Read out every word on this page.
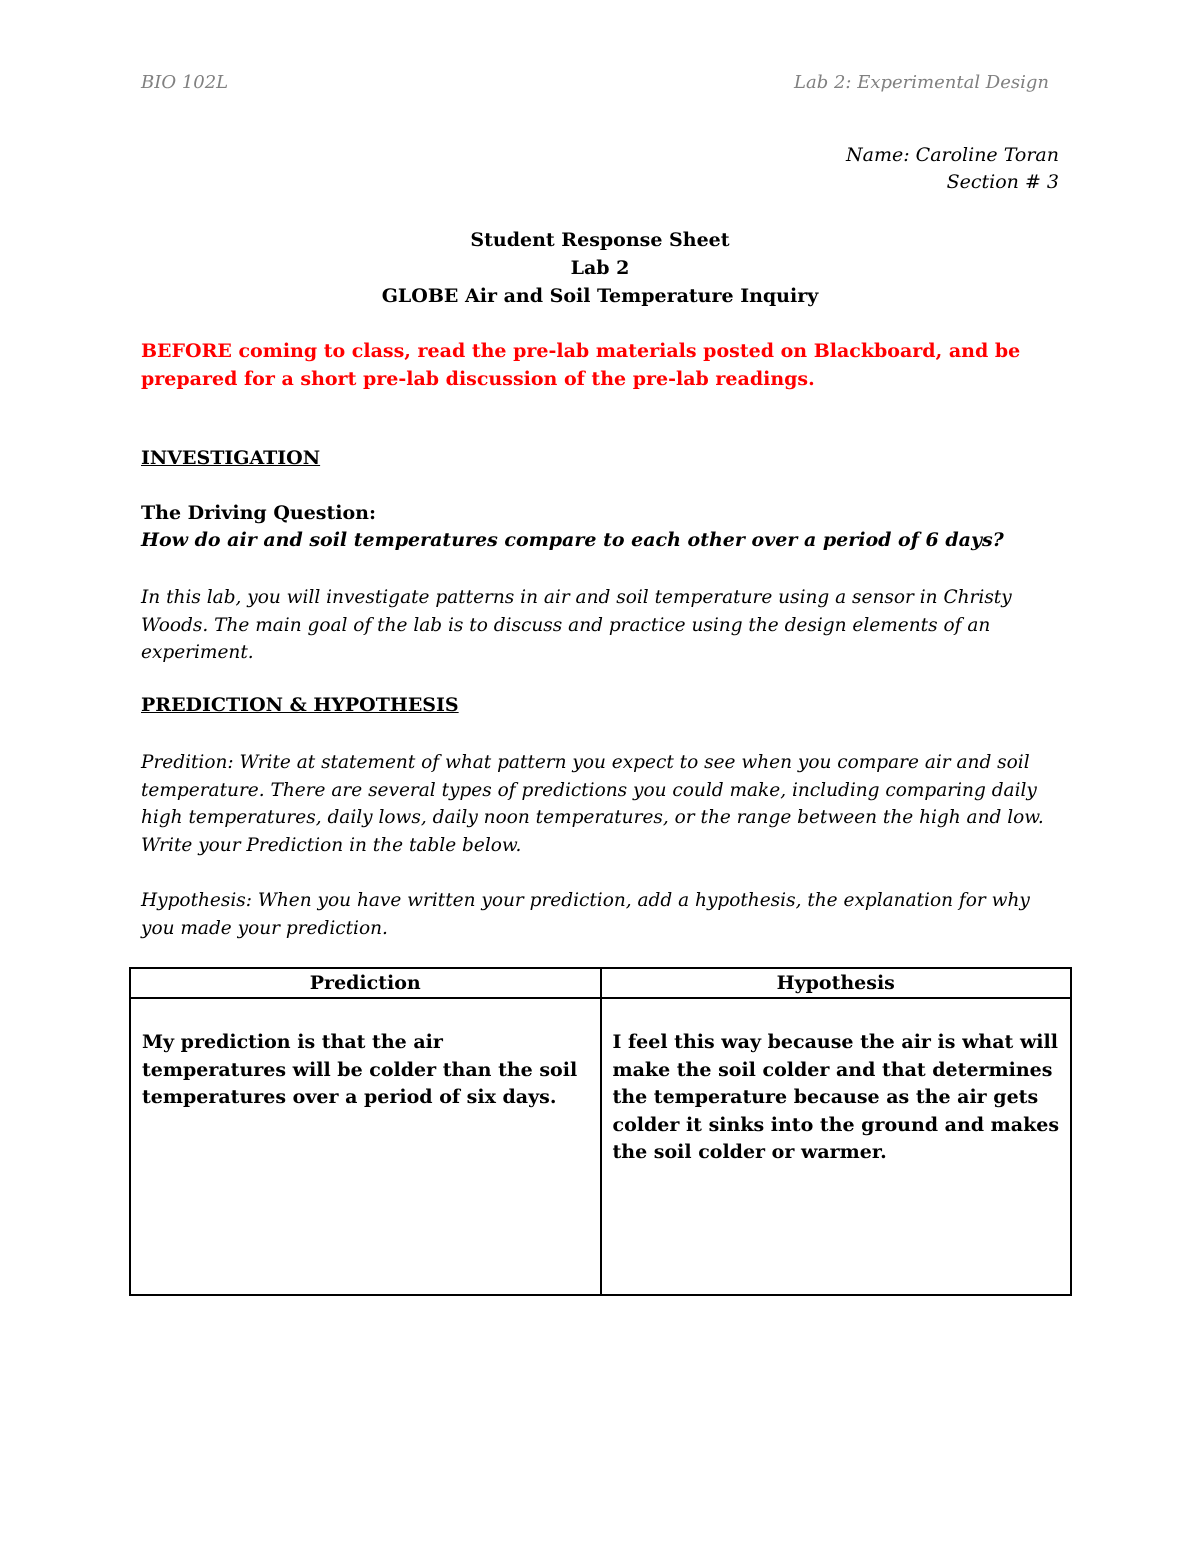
BIO 102L	Lab 2: Experimental Design
Name: Caroline Toran
Section # 3
Student Response Sheet
Lab 2
GLOBE Air and Soil Temperature Inquiry
BEFORE coming to class, read the pre-lab materials posted on Blackboard, and be prepared for a short pre-lab discussion of the pre-lab readings.
INVESTIGATION
The Driving Question:
How do air and soil temperatures compare to each other over a period of 6 days?
In this lab, you will investigate patterns in air and soil temperature using a sensor in Christy Woods. The main goal of the lab is to discuss and practice using the design elements of an experiment.
PREDICTION & HYPOTHESIS
Predition: Write at statement of what pattern you expect to see when you compare air and soil temperature. There are several types of predictions you could make, including comparing daily high temperatures, daily lows, daily noon temperatures, or the range between the high and low. Write your Prediction in the table below.
Hypothesis: When you have written your prediction, add a hypothesis, the explanation for why you made your prediction.
Prediction	Hypothesis

My prediction is that the air temperatures will be colder than the soil temperatures over a period of six days.	I feel this way because the air is what will make the soil colder and that determines the temperature because as the air gets colder it sinks into the ground and makes the soil colder or warmer.
